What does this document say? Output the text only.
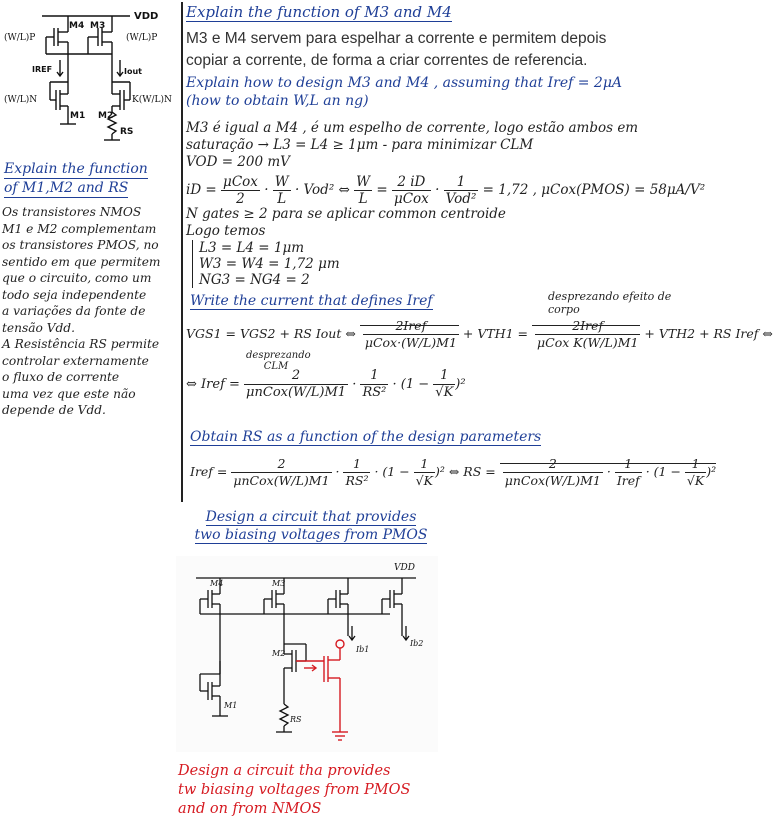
VDD
M4 M3
(W/L)P	(W/L)P
IREF	Iout
(W/L)N	K(W/L)N
M1 M2
RS
Explain the function
of M1,M2 and RS
Os transistores NMOS
M1 e M2 complementam
os transistores PMOS, no
sentido em que permitem
que o circuito, como um
todo seja independente
a variações da fonte de
tensão Vdd.
A Resistência RS permite
controlar externamente
o fluxo de corrente
uma vez que este não
depende de Vdd.
Explain the function of M3 and M4
M3 e M4 servem para espelhar a corrente e permitem depois copiar a corrente, de forma a criar correntes de referencia.
Explain how to design M3 and M4 , assuming that Iref = 2μA
(how to obtain W,L an ng)
M3 é igual a M4 , é um espelho de corrente, logo estão ambos em
saturação → L3 = L4 ≥ 1μm - para minimizar CLM
VOD = 200 mV
iD = $\frac{\text{μCox}}{2} \cdot \frac{W}{L} \cdot Vod^2$ ⇔ $\frac{W}{L} = \frac{2 iD}{\text{μCox}} \cdot \frac{1}{\text{Vod²}} = 1,72$ , μCox(PMOS) = 58μA/V²
N gates ≥ 2 para se aplicar common centroide
Logo temos
L3 = L4 = 1μm
W3 = W4 = 1,72 μm
NG3 = NG4 = 2
Write the current that defines Iref	desprezando efeito de corpo
VGS1 = VGS2 + RS Iout ⇔ $\frac{\text{2Iref}}{\text{μCox·(W/L)M1}} + VTH1 = \frac{\text{2Iref}}{\text{μCox K(W/L)M1}} + VTH2$ + RS Iref ⇔
desprezando CLM
⇔ Iref = $\frac{2}{\text{μnCox(W/L)M1}} \cdot \frac{1}{\text{RS²}} \cdot (1 - \frac{1}{√K} )^2$
Obtain RS as a function of the design parameters
Iref = $\frac{2}{\text{μnCox(W/L)M1}} \cdot \frac{1}{\text{RS²}} \cdot (1 - \frac{1}{√K} )^2$ ⇔ RS = $\frac{2}{\text{μnCox(W/L)M1}} \cdot \frac{1}{\text{Iref}} \cdot (1 - \frac{1}{√K} )^2$
Design a circuit that provides
two biasing voltages from PMOS
VDD
M4	M3
M2
M1
RS
Ib1
Ib2
Design a circuit tha provides
tw biasing voltages from PMOS
and on from NMOS
